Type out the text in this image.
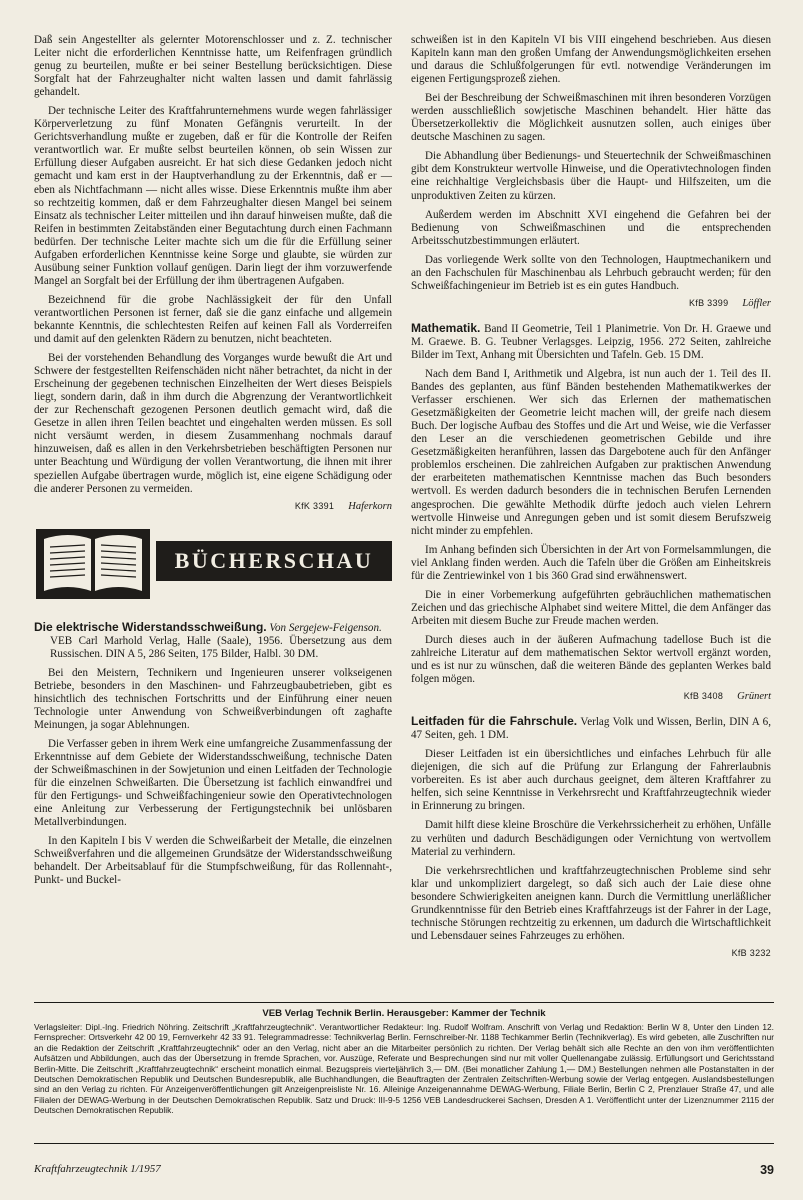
Daß sein Angestellter als gelernter Motorenschlosser und z. Z. technischer Leiter nicht die erforderlichen Kenntnisse hatte, um Reifenfragen gründlich genug zu beurteilen, mußte er bei seiner Bestellung berücksichtigen. Diese Sorgfalt hat der Fahrzeughalter nicht walten lassen und damit fahrlässig gehandelt.

Der technische Leiter des Kraftfahrunternehmens wurde wegen fahrlässiger Körperverletzung zu fünf Monaten Gefängnis verurteilt. In der Gerichtsverhandlung mußte er zugeben, daß er für die Kontrolle der Reifen verantwortlich war. Er mußte selbst beurteilen können, ob sein Wissen zur Erfüllung dieser Aufgaben ausreicht. Er hat sich diese Gedanken jedoch nicht gemacht und kam erst in der Hauptverhandlung zu der Erkenntnis, daß er — eben als Nichtfachmann — nicht alles wisse. Diese Erkenntnis mußte ihm aber so rechtzeitig kommen, daß er dem Fahrzeughalter diesen Mangel bei seinem Einsatz als technischer Leiter mitteilen und ihn darauf hinweisen mußte, daß die Reifen in bestimmten Zeitabständen einer Begutachtung durch einen Fachmann bedürfen. Der technische Leiter machte sich um die für die Erfüllung seiner Aufgaben erforderlichen Kenntnisse keine Sorge und glaubte, sie würden zur Ausübung seiner Funktion vollauf genügen. Darin liegt der ihm vorzuwerfende Mangel an Sorgfalt bei der Erfüllung der ihm übertragenen Aufgaben.

Bezeichnend für die grobe Nachlässigkeit der für den Unfall verantwortlichen Personen ist ferner, daß sie die ganz einfache und allgemein bekannte Kenntnis, die schlechtesten Reifen auf keinen Fall als Vorderreifen und damit auf den gelenkten Rädern zu benutzen, nicht beachteten.

Bei der vorstehenden Behandlung des Vorganges wurde bewußt die Art und Schwere der festgestellten Reifenschäden nicht näher betrachtet, da nicht in der Erscheinung der gegebenen technischen Einzelheiten der Wert dieses Beispiels liegt, sondern darin, daß in ihm durch die Abgrenzung der Verantwortlichkeit der zur Rechenschaft gezogenen Personen deutlich gemacht wird, daß die Gesetze in allen ihren Teilen beachtet und eingehalten werden müssen. Es soll nicht versäumt werden, in diesem Zusammenhang nochmals darauf hinzuweisen, daß es allen in den Verkehrsbetrieben beschäftigten Personen nur unter Beachtung und Würdigung der vollen Verantwortung, die ihnen mit ihrer speziellen Aufgabe übertragen wurde, möglich ist, eine eigene Schädigung oder die anderer Personen zu vermeiden.

KfK 3391 Haferkorn
BÜCHERSCHAU

Die elektrische Widerstandsschweißung. Von Sergejew-Feigenson.
VEB Carl Marhold Verlag, Halle (Saale), 1956. Übersetzung aus dem Russischen. DIN A 5, 286 Seiten, 175 Bilder, Halbl. 30 DM.

Bei den Meistern, Technikern und Ingenieuren unserer volkseigenen Betriebe, besonders in den Maschinen- und Fahrzeugbaubetrieben, gibt es hinsichtlich des technischen Fortschritts und der Einführung einer neuen Technologie unter Anwendung von Schweißverbindungen oft zaghafte Meinungen, ja sogar Ablehnungen.

Die Verfasser geben in ihrem Werk eine umfangreiche Zusammenfassung der Erkenntnisse auf dem Gebiete der Widerstandsschweißung, technische Daten der Schweißmaschinen in der Sowjetunion und einen Leitfaden der Technologie für die einzelnen Schweißarten. Die Übersetzung ist fachlich einwandfrei und für den Fertigungs- und Schweißfachingenieur sowie den Operativtechnologen eine Anleitung zur Verbesserung der Fertigungstechnik bei unlösbaren Metallverbindungen.

In den Kapiteln I bis V werden die Schweißarbeit der Metalle, die einzelnen Schweißverfahren und die allgemeinen Grundsätze der Widerstandsschweißung behandelt. Der Arbeitsablauf für die Stumpfschweißung, für das Rollennaht-, Punkt- und Buckel-

schweißen ist in den Kapiteln VI bis VIII eingehend beschrieben. Aus diesen Kapiteln kann man den großen Umfang der Anwendungsmöglichkeiten ersehen und daraus die Schlußfolgerungen für evtl. notwendige Veränderungen im eigenen Fertigungsprozeß ziehen.

Bei der Beschreibung der Schweißmaschinen mit ihren besonderen Vorzügen werden ausschließlich sowjetische Maschinen behandelt. Hier hätte das Übersetzerkollektiv die Möglichkeit ausnutzen sollen, auch einiges über deutsche Maschinen zu sagen.

Die Abhandlung über Bedienungs- und Steuertechnik der Schweißmaschinen gibt dem Konstrukteur wertvolle Hinweise, und die Operativtechnologen finden eine reichhaltige Vergleichsbasis über die Haupt- und Hilfszeiten, um die unproduktiven Zeiten zu kürzen.

Außerdem werden im Abschnitt XVI eingehend die Gefahren bei der Bedienung von Schweißmaschinen und die entsprechenden Arbeitsschutzbestimmungen erläutert.

Das vorliegende Werk sollte von den Technologen, Hauptmechanikern und an den Fachschulen für Maschinenbau als Lehrbuch gebraucht werden; für den Schweißfachingenieur im Betrieb ist es ein gutes Handbuch.

KfB 3399 Löffler

Mathematik. Band II Geometrie, Teil 1 Planimetrie. Von Dr. H. Graewe und M. Graewe. B. G. Teubner Verlagsges. Leipzig, 1956. 272 Seiten, zahlreiche Bilder im Text, Anhang mit Übersichten und Tafeln. Geb. 15 DM.

Nach dem Band I, Arithmetik und Algebra, ist nun auch der 1. Teil des II. Bandes des geplanten, aus fünf Bänden bestehenden Mathematikwerkes der Verfasser erschienen. Wer sich das Erlernen der mathematischen Gesetzmäßigkeiten der Geometrie leicht machen will, der greife nach diesem Buch. Der logische Aufbau des Stoffes und die Art und Weise, wie die Verfasser den Leser an die verschiedenen geometrischen Gebilde und ihre Gesetzmäßigkeiten heranführen, lassen das Dargebotene auch für den Anfänger problemlos erscheinen. Die zahlreichen Aufgaben zur praktischen Anwendung der erarbeiteten mathematischen Kenntnisse machen das Buch besonders wertvoll. Es werden dadurch besonders die in technischen Berufen Lernenden angesprochen. Die gewählte Methodik dürfte jedoch auch vielen Lehrern wertvolle Hinweise und Anregungen geben und ist somit diesem Berufszweig nicht minder zu empfehlen.

Im Anhang befinden sich Übersichten in der Art von Formelsammlungen, die viel Anklang finden werden. Auch die Tafeln über die Größen am Einheitskreis für die Zentriewinkel von 1 bis 360 Grad sind erwähnenswert.

Die in einer Vorbemerkung aufgeführten gebräuchlichen mathematischen Zeichen und das griechische Alphabet sind weitere Mittel, die dem Anfänger das Arbeiten mit diesem Buche zur Freude machen werden.

Durch dieses auch in der äußeren Aufmachung tadellose Buch ist die zahlreiche Literatur auf dem mathematischen Sektor wertvoll ergänzt worden, und es ist nur zu wünschen, daß die weiteren Bände des geplanten Werkes bald folgen mögen.

KfB 3408 Grünert

Leitfaden für die Fahrschule. Verlag Volk und Wissen, Berlin, DIN A 6, 47 Seiten, geh. 1 DM.

Dieser Leitfaden ist ein übersichtliches und einfaches Lehrbuch für alle diejenigen, die sich auf die Prüfung zur Erlangung der Fahrerlaubnis vorbereiten. Es ist aber auch durchaus geeignet, dem älteren Kraftfahrer zu helfen, sich seine Kenntnisse in Verkehrsrecht und Kraftfahrzeugtechnik wieder in Erinnerung zu bringen.

Damit hilft diese kleine Broschüre die Verkehrssicherheit zu erhöhen, Unfälle zu verhüten und dadurch Beschädigungen oder Vernichtung von wertvollem Material zu verhindern.

Die verkehrsrechtlichen und kraftfahrzeugtechnischen Probleme sind sehr klar und unkompliziert dargelegt, so daß sich auch der Laie diese ohne besondere Schwierigkeiten aneignen kann. Durch die Vermittlung unerläßlicher Grundkenntnisse für den Betrieb eines Kraftfahrzeugs ist der Fahrer in der Lage, technische Störungen rechtzeitig zu erkennen, um dadurch die Wirtschaftlichkeit und Lebensdauer seines Fahrzeuges zu erhöhen.

KfB 3232
VEB Verlag Technik Berlin. Herausgeber: Kammer der Technik
Verlagsleiter: Dipl.-Ing. Friedrich Nöhring. Zeitschrift „Kraftfahrzeugtechnik“. Verantwortlicher Redakteur: Ing. Rudolf Wolfram. Anschrift von Verlag und Redaktion: Berlin W 8, Unter den Linden 12. Fernsprecher: Ortsverkehr 42 00 19, Fernverkehr 42 33 91. Telegrammadresse: Technikverlag Berlin. Fernschreiber-Nr. 1188 Techkammer Berlin (Technikverlag). Es wird gebeten, alle Zuschriften nur an die Redaktion der Zeitschrift „Kraftfahrzeugtechnik“ oder an den Verlag, nicht aber an die Mitarbeiter persönlich zu richten. Der Verlag behält sich alle Rechte an den von ihm veröffentlichten Aufsätzen und Abbildungen, auch das der Übersetzung in fremde Sprachen, vor. Auszüge, Referate und Besprechungen sind nur mit voller Quellenangabe zulässig. Erfüllungsort und Gerichtsstand Berlin-Mitte. Die Zeitschrift „Kraftfahrzeugtechnik“ erscheint monatlich einmal. Bezugspreis vierteljährlich 3,— DM. (Bei monatlicher Zahlung 1,— DM.) Bestellungen nehmen alle Postanstalten in der Deutschen Demokratischen Republik und Deutschen Bundesrepublik, alle Buchhandlungen, die Beauftragten der Zentralen Zeitschriften-Werbung sowie der Verlag entgegen. Auslandsbestellungen sind an den Verlag zu richten. Für Anzeigenveröffentlichungen gilt Anzeigenpreisliste Nr. 16. Alleinige Anzeigenannahme DEWAG-Werbung, Filiale Berlin, Berlin C 2, Prenzlauer Straße 47, und alle Filialen der DEWAG-Werbung in der Deutschen Demokratischen Republik. Satz und Druck: III-9-5 1256 VEB Landesdruckerei Sachsen, Dresden A 1. Veröffentlicht unter der Lizenznummer 2115 der Deutschen Demokratischen Republik.
Kraftfahrzeugtechnik 1/1957	39
